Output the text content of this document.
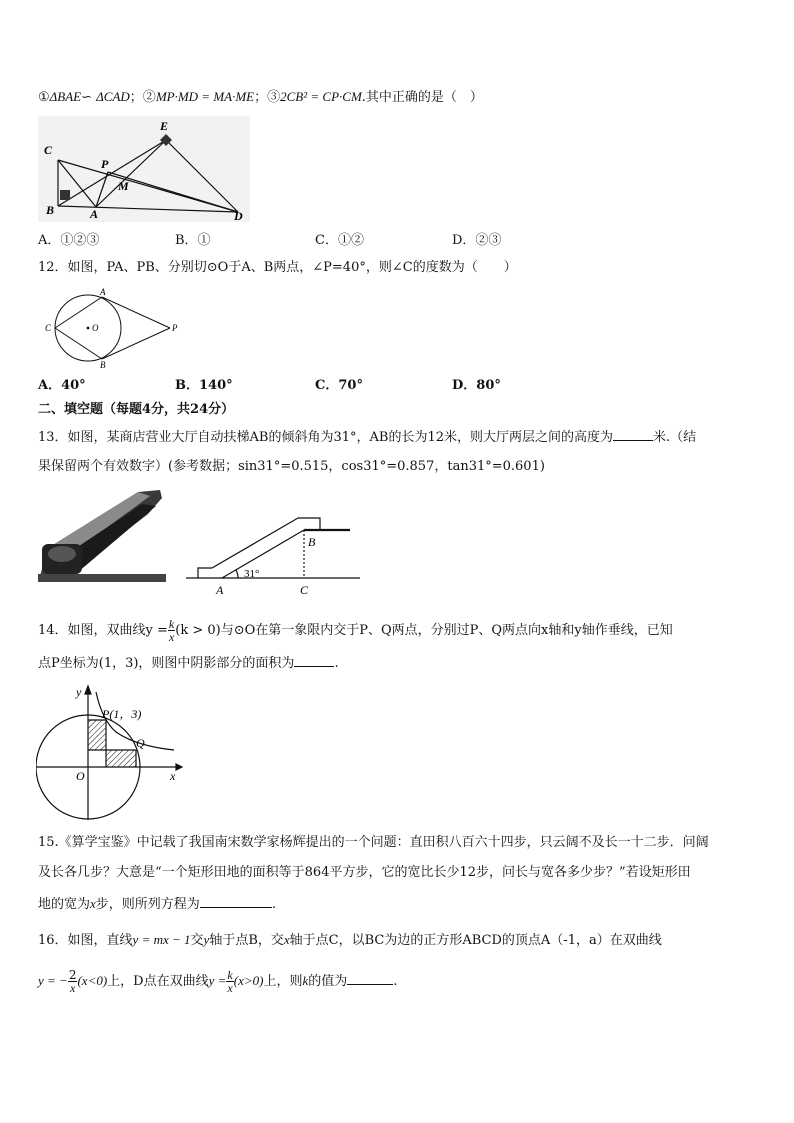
①ΔBAE∽ ΔCAD；②MP·MD = MA·ME；③2CB² = CP·CM.其中正确的是（　）
C
E
P
M
B	A	D
A．①②③	B．①	C．①②	D．②③
12．如图，PA、PB、分别切⊙O于A、B两点，∠P=40°，则∠C的度数为（　　）
A
B
C	O	P
A．40°	B．140°	C．70°	D．80°
二、填空题（每题4分，共24分）
13．如图，某商店营业大厅自动扶梯AB的倾斜角为31°，AB的长为12米，则大厅两层之间的高度为	米.（结
果保留两个有效数字）(参考数据；sin31°=0.515，cos31°=0.857，tan31°=0.601)
A
B
C
31°
14．如图，双曲线$y = \frac{k}{x} (k > 0)$与⊙O在第一象限内交于P、Q两点，分别过P、Q两点向x轴和y轴作垂线，已知
点P坐标为(1，3)，则图中阴影部分的面积为	.
y
x
O
P(1，3)
Q
15.《算学宝鉴》中记载了我国南宋数学家杨辉提出的一个问题：直田积八百六十四步，只云阔不及长一十二步．问阔
及长各几步？大意是“一个矩形田地的面积等于864平方步，它的宽比长少12步，问长与宽各多少步？”若设矩形田
地的宽为x步，则所列方程为	.
16．如图，直线y = mx − 1交y轴于点B，交x轴于点C，以BC为边的正方形ABCD的顶点A（-1，a）在双曲线
y = − $\frac{2}{x} (x<0)$上，D点在双曲线$y = \frac{k}{x} (x>0)$上，则k的值为	.
